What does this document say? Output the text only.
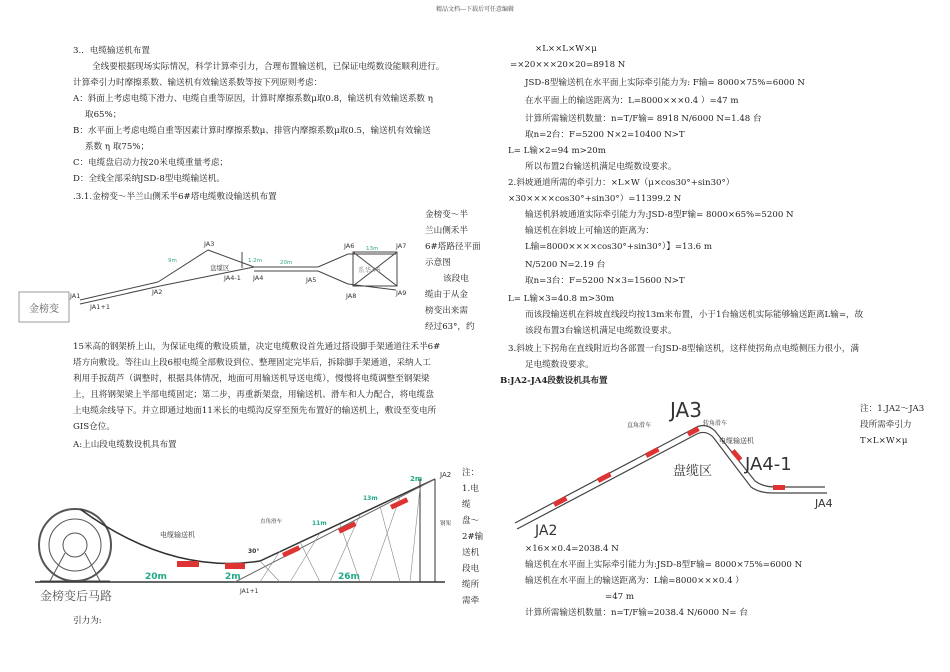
精品文档---下载后可任意编辑
3.．电缆输送机布置
全线要根据现场实际情况，科学计算牵引力，合理布置输送机，已保证电缆数设能顺利进行。
计算牵引力时摩擦系数、输送机有效输送系数等按下列原则考虑：
A：斜面上考虑电缆下滑力、电缆自重等原因，计算时摩擦系数μ取0.8，输送机有效输送系数 η
取65%；
B：水平面上考虑电缆自重等因素计算时摩擦系数μ、排管内摩擦系数μ取0.5，输送机有效输送
系数 η 取75%；
C：电缆盘启动力按20米电缆重量考虑；
D：全线全部采纳JSD-8型电缆输送机。
.3.1.金榜变～半兰山侧禾半6#塔电缆敷设输送机布置
金榜变
JA1
JA1+1
JA2
JA3
JA4-1 JA4	JA5
JA6	JA7
JA8	JA9
盘缆区	系华#6
9m	1.2m	20m
13m
金榜变～半
兰山侧禾半
6#塔路径平面
示意图
该段电
缆由于从金
榜变出来需
经过63°，约
15米高的钢架桥上山，为保证电缆的敷设质量，决定电缆敷设首先通过搭设脚手架通道往禾半6#
塔方向敷设。等往山上段6根电缆全部敷设到位、整理固定完毕后，拆除脚手架通道，采纳人工
利用手扳葫芦（调整时，根据具体情况，地面可用输送机导送电缆），慢慢将电缆调整至钢架梁
上，且将钢架梁上半部电缆固定；第二步，再重新架盘，用输送机、滑车和人力配合，将电缆盘
上电缆余线导下。并立即通过地面11米长的电缆沟反穿至预先布置好的输送机上，敷设至变电所
GIS仓位。
A:上山段电缆数设机具布置
电缆输送机
直角滑车	钢架
JA1+1
JA2
20m	2m	26m
11m
13m
2m
30°
金榜变后马路
注：
1.电
缆
盘～
2#输
送机
段电
缆所
需牵
引力为:
×L××L×W×μ
=×20×××20×20=8918 N
JSD-8型输送机在水平面上实际牵引能力为: F输= 8000×75%=6000 N
在水平面上的输送距离为：L=8000×××0.4 ）=47 m
计算所需输送机数量：n=T/F输= 8918 N/6000 N=1.48 台
取n=2台：F=5200 N×2=10400 N>T
L= L输×2=94 m>20m
所以布置2台输送机满足电缆数设要求。
2.斜坡通道所需的牵引力：×L×W（μ×cos30°+sin30°）
×30××××cos30°+sin30°）=11399.2 N
输送机斜坡通道实际牵引能力为:JSD-8型F输= 8000×65%=5200 N
输送机在斜坡上可输送的距离为：
L输=8000××××cos30°+sin30°）】=13.6 m
N/5200 N=2.19 台
取n=3台：F=5200 N×3=15600 N>T
L= L输×3=40.8 m>30m
而该段输送机在斜坡直线段均按13m来布置，小于1台输送机实际能够输送距离L输=，故
该段布置3台输送机满足电缆数设要求。
3.斜坡上下拐角在直线附近均各部置一台JSD-8型输送机，这样使拐角点电缆侧压力很小，满
足电缆数设要求。
B:JA2-JA4段数设机具布置
JA3
JA4-1
JA2
JA4
盘缆区
直角滑车	转角滑车
电缆输送机
注：1.JA2～JA3
段所需牵引力
T×L×W×μ
×16××0.4=2038.4 N
输送机在水平面上实际牵引能力为:JSD-8型F输= 8000×75%=6000 N
输送机在水平面上的输送距离为：L输=8000×××0.4 ）
=47 m
计算所需输送机数量：n=T/F输=2038.4 N/6000 N= 台
